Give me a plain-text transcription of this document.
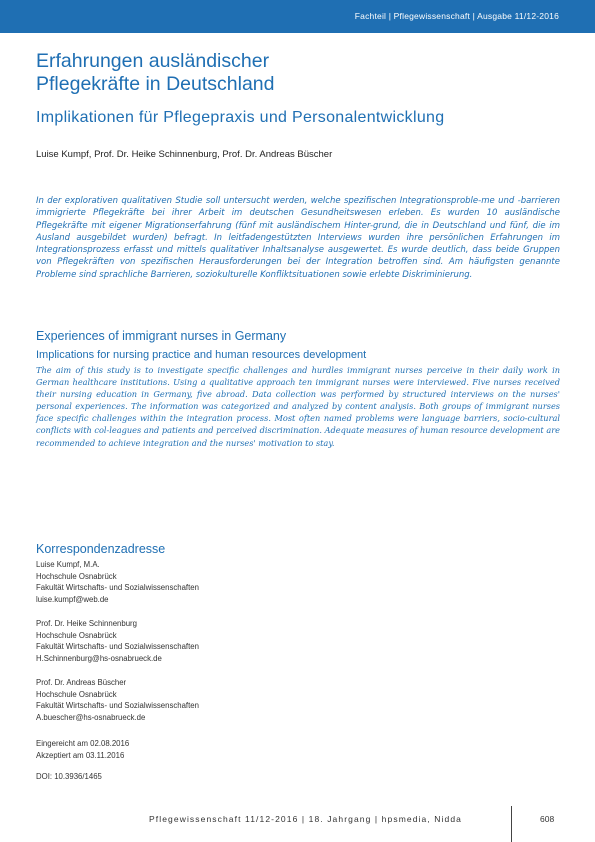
Fachteil | Pflegewissenschaft | Ausgabe 11/12-2016
Erfahrungen ausländischer
Pflegekräfte in Deutschland
Implikationen für Pflegepraxis und Personalentwicklung
Luise Kumpf, Prof. Dr. Heike Schinnenburg, Prof. Dr. Andreas Büscher

In der explorativen qualitativen Studie soll untersucht werden, welche spezifischen Integrationsproble-me und -barrieren immigrierte Pflegekräfte bei ihrer Arbeit im deutschen Gesundheitswesen erleben. Es wurden 10 ausländische Pflegekräfte mit eigener Migrationserfahrung (fünf mit ausländischem Hinter-grund, die in Deutschland und fünf, die im Ausland ausgebildet wurden) befragt. In leitfadengestützten Interviews wurden ihre persönlichen Erfahrungen im Integrationsprozess erfasst und mittels qualitativer Inhaltsanalyse ausgewertet. Es wurde deutlich, dass beide Gruppen von Pflegekräften von spezifischen Herausforderungen bei der Integration betroffen sind. Am häufigsten genannte Probleme sind sprachliche Barrieren, soziokulturelle Konfliktsituationen sowie erlebte Diskriminierung.

Experiences of immigrant nurses in Germany
Implications for nursing practice and human resources development

The aim of this study is to investigate specific challenges and hurdles immigrant nurses perceive in their daily work in German healthcare institutions. Using a qualitative approach ten immigrant nurses were interviewed. Five nurses received their nursing education in Germany, five abroad. Data collection was performed by structured interviews on the nurses' personal experiences. The information was categorized and analyzed by content analysis. Both groups of immigrant nurses face specific challenges within the integration process. Most often named problems were language barriers, socio-cultural conflicts with col-leagues and patients and perceived discrimination. Adequate measures of human resource development are recommended to achieve integration and the nurses' motivation to stay.

Korrespondenzadresse
Luise Kumpf, M.A.
Hochschule Osnabrück
Fakultät Wirtschafts- und Sozialwissenschaften
luise.kumpf@web.de
Prof. Dr. Heike Schinnenburg
Hochschule Osnabrück
Fakultät Wirtschafts- und Sozialwissenschaften
H.Schinnenburg@hs-osnabrueck.de
Prof. Dr. Andreas Büscher
Hochschule Osnabrück
Fakultät Wirtschafts- und Sozialwissenschaften
A.buescher@hs-osnabrueck.de
Eingereicht am 02.08.2016
Akzeptiert am 03.11.2016
DOI: 10.3936/1465
Pflegewissenschaft 11/12-2016 | 18. Jahrgang | hpsmedia, Nidda	608
